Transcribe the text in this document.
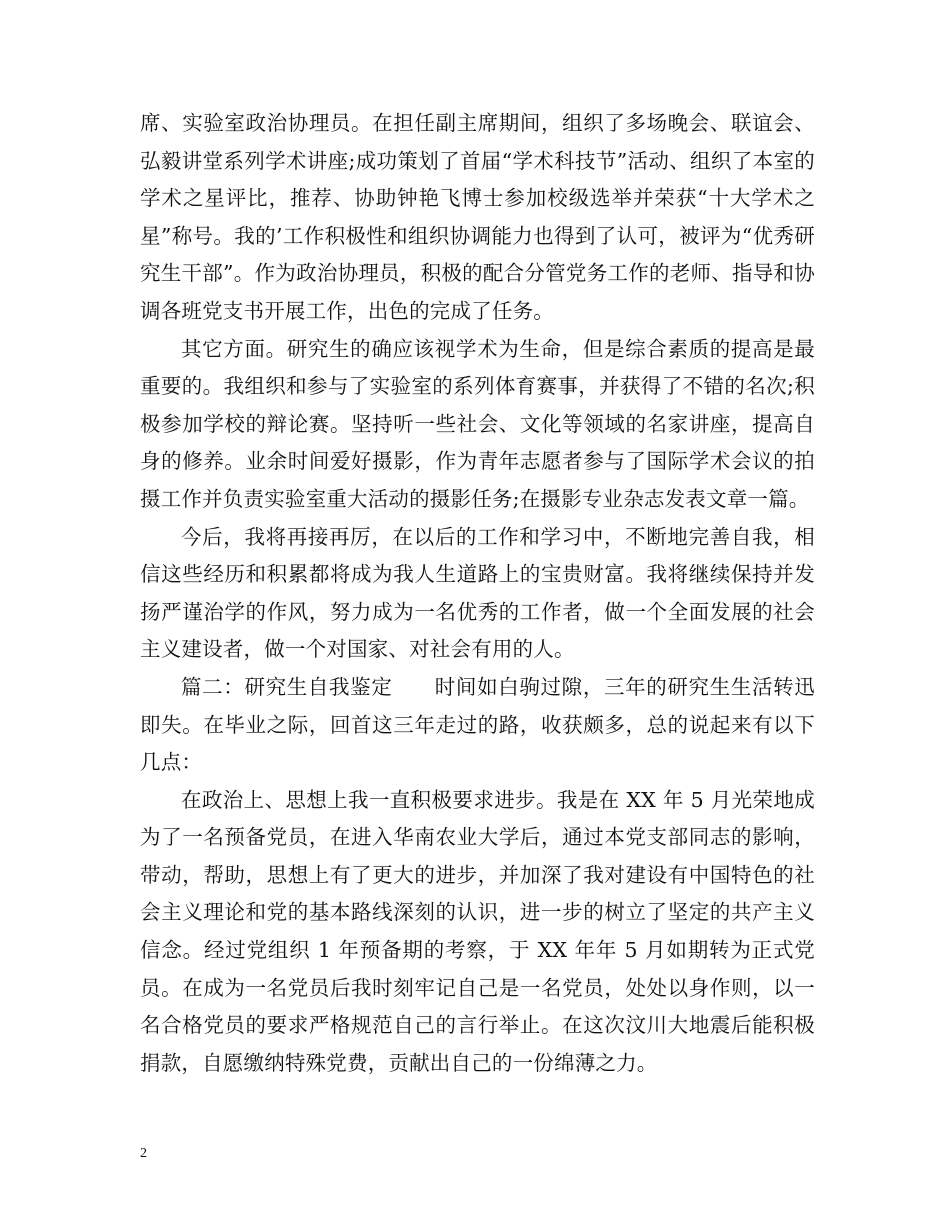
席、实验室政治协理员。在担任副主席期间，组织了多场晚会、联谊会、弘毅讲堂系列学术讲座;成功策划了首届“学术科技节”活动、组织了本室的学术之星评比，推荐、协助钟艳飞博士参加校级选举并荣获“十大学术之星”称号。我的’工作积极性和组织协调能力也得到了认可，被评为“优秀研究生干部”。作为政治协理员，积极的配合分管党务工作的老师、指导和协调各班党支书开展工作，出色的完成了任务。

其它方面。研究生的确应该视学术为生命，但是综合素质的提高是最重要的。我组织和参与了实验室的系列体育赛事，并获得了不错的名次;积极参加学校的辩论赛。坚持听一些社会、文化等领域的名家讲座，提高自身的修养。业余时间爱好摄影，作为青年志愿者参与了国际学术会议的拍摄工作并负责实验室重大活动的摄影任务;在摄影专业杂志发表文章一篇。

今后，我将再接再厉，在以后的工作和学习中，不断地完善自我，相信这些经历和积累都将成为我人生道路上的宝贵财富。我将继续保持并发扬严谨治学的作风，努力成为一名优秀的工作者，做一个全面发展的社会主义建设者，做一个对国家、对社会有用的人。

篇二：研究生自我鉴定　　时间如白驹过隙，三年的研究生生活转迅即失。在毕业之际，回首这三年走过的路，收获颇多，总的说起来有以下几点：

在政治上、思想上我一直积极要求进步。我是在 XX 年 5 月光荣地成为了一名预备党员，在进入华南农业大学后，通过本党支部同志的影响，带动，帮助，思想上有了更大的进步，并加深了我对建设有中国特色的社会主义理论和党的基本路线深刻的认识，进一步的树立了坚定的共产主义信念。经过党组织 1 年预备期的考察，于 XX 年年 5 月如期转为正式党员。在成为一名党员后我时刻牢记自己是一名党员，处处以身作则，以一名合格党员的要求严格规范自己的言行举止。在这次汶川大地震后能积极捐款，自愿缴纳特殊党费，贡献出自己的一份绵薄之力。

2
